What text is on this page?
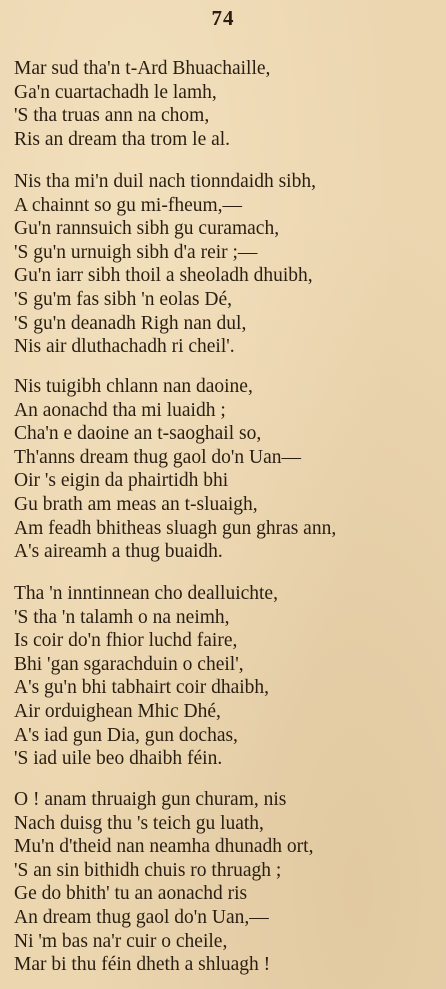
74
Mar sud tha'n t-Ard Bhuachaille,
Ga'n cuartachadh le lamh,
'S tha truas ann na chom,
Ris an dream tha trom le al.
Nis tha mi'n duil nach tionndaidh sibh,
A chainnt so gu mi-fheum,—
Gu'n rannsuich sibh gu curamach,
'S gu'n urnuigh sibh d'a reir ;—
Gu'n iarr sibh thoil a sheoladh dhuibh,
'S gu'm fas sibh 'n eolas Dé,
'S gu'n deanadh Righ nan dul,
Nis air dluthachadh ri cheil'.
Nis tuigibh chlann nan daoine,
An aonachd tha mi luaidh ;
Cha'n e daoine an t-saoghail so,
Th'anns dream thug gaol do'n Uan—
Oir 's eigin da phairtidh bhi
Gu brath am meas an t-sluaigh,
Am feadh bhitheas sluagh gun ghras ann,
A's aireamh a thug buaidh.
Tha 'n inntinnean cho dealluichte,
'S tha 'n talamh o na neimh,
Is coir do'n fhior luchd faire,
Bhi 'gan sgarachduin o cheil',
A's gu'n bhi tabhairt coir dhaibh,
Air orduighean Mhic Dhé,
A's iad gun Dia, gun dochas,
'S iad uile beo dhaibh féin.
O ! anam thruaigh gun churam, nis
Nach duisg thu 's teich gu luath,
Mu'n d'theid nan neamha dhunadh ort,
'S an sin bithidh chuis ro thruagh ;
Ge do bhith' tu an aonachd ris
An dream thug gaol do'n Uan,—
Ni 'm bas na'r cuir o cheile,
Mar bi thu féin dheth a shluagh !
